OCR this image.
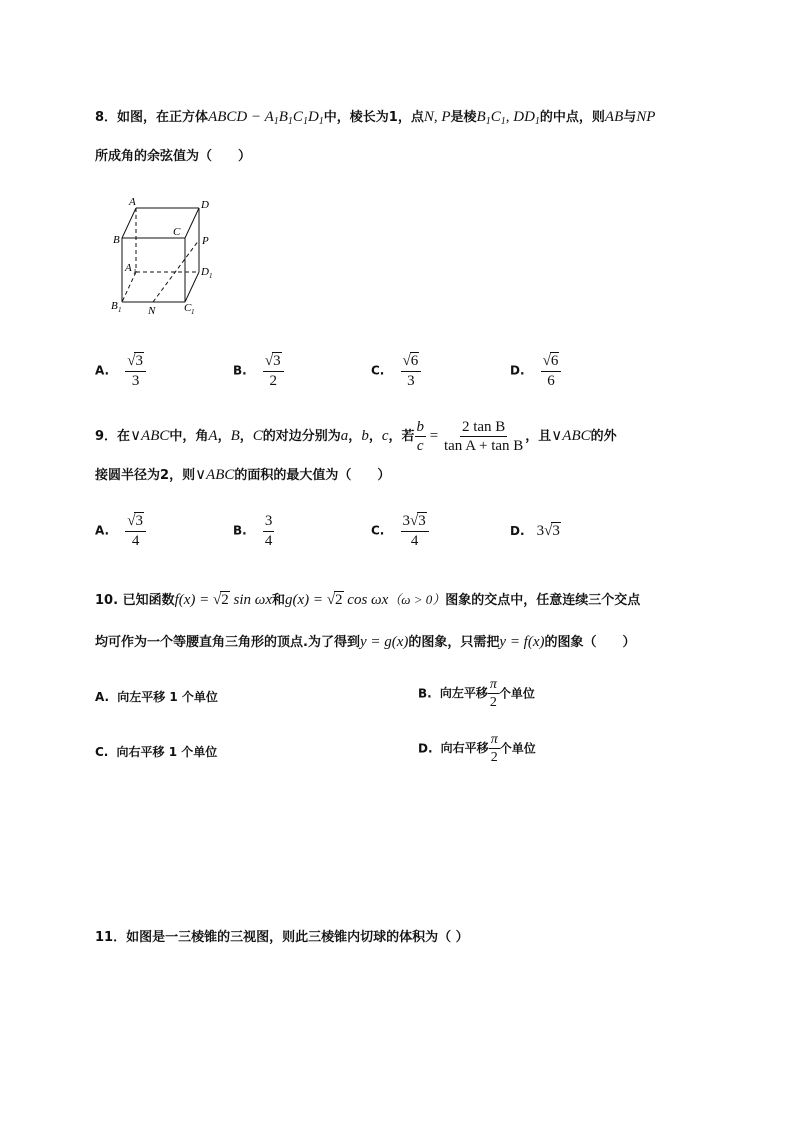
8．如图，在正方体ABCD − $A_1B_1C_1D_1$中，棱长为1，点N, P是棱$B_1C_1$, $DD_1$的中点，则AB与NP
所成角的余弦值为（　　）
A	D
B
C
P
A 1	D 1
B 1 N	C 1
A. $\frac{√3}{3}$	B. $\frac{√3}{2}$	C. $\frac{√6}{3}$	D. $\frac{√6}{6}$
9．在∨ABC中，角A，B，C的对边分别为a，b，c，若 $\frac{b}{c} = \frac{\text{2 tan B}}{\text{tan A + tan B}}$ ，且∨ABC的外
接圆半径为2，则∨ABC的面积的最大值为（　　）
A. $\frac{√3}{4}$	B. $\frac{3}{4}$	C. $\frac{3√3}{4}$	D. 3√3
10. 已知函数f(x) = √2 sin ωx和g(x) = √2 cos ωx（ω > 0）图象的交点中，任意连续三个交点
均可作为一个等腰直角三角形的顶点.为了得到y = g(x)的图象，只需把y = f(x)的图象（　　）
A. 向左平移 1 个单位	B. 向左平移 $\frac{\pi}{2}$ 个单位
C. 向右平移 1 个单位	D. 向右平移 $\frac{\pi}{2}$ 个单位
11．如图是一三棱锥的三视图，则此三棱锥内切球的体积为（ ）
